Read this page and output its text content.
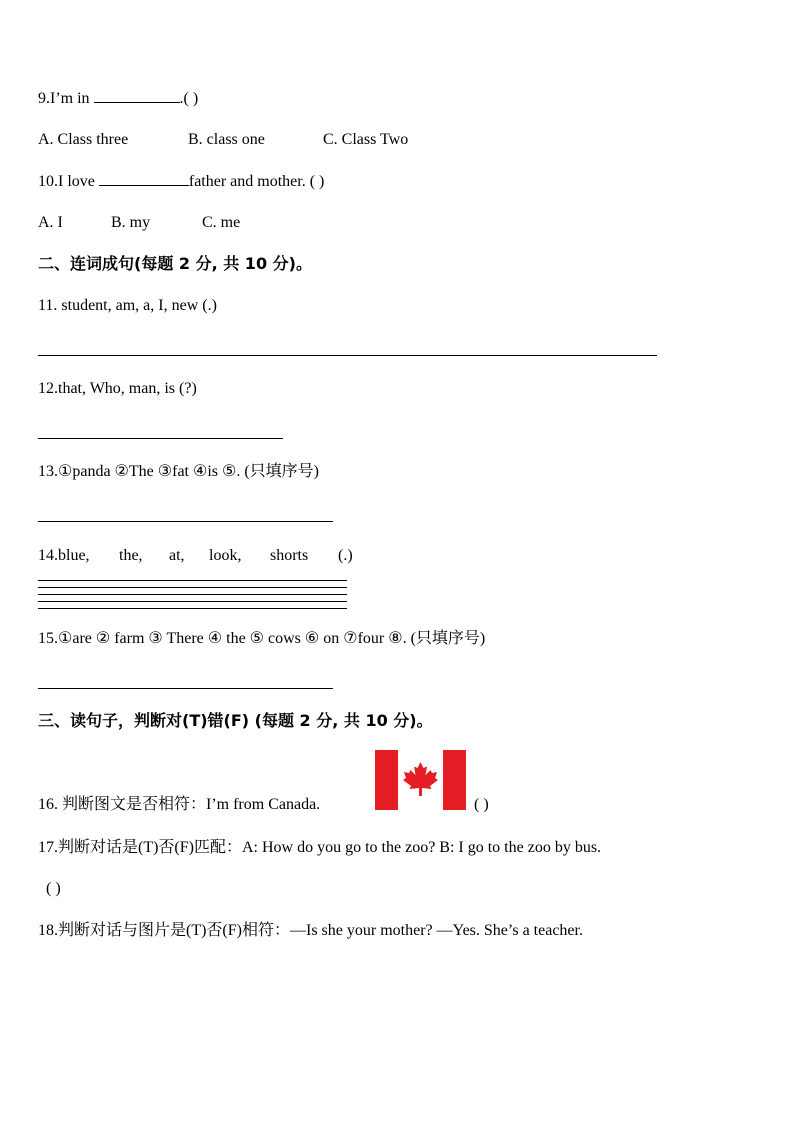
9.I’m in	.( )
A. Class three	B. class one	C. Class Two
10.I love	father and mother. ( )
A. I	B. my	C. me
二、连词成句(每题 2 分, 共 10 分)。
11. student, am, a, I, new (.)
12.that, Who, man, is (?)
13.①panda ②The ③fat ④is ⑤. (只填序号)
14.blue, the, at, look, shorts (.)
15.①are ② farm ③ There ④ the ⑤ cows ⑥ on ⑦four ⑧. (只填序号)
三、读句子，判断对(T)错(F) (每题 2 分, 共 10 分)。
16. 判断图文是否相符：I’m from Canada.	( )
17.判断对话是(T)否(F)匹配：A: How do you go to the zoo? B: I go to the zoo by bus.
( )
18.判断对话与图片是(T)否(F)相符：—Is she your mother? —Yes. She’s a teacher.
